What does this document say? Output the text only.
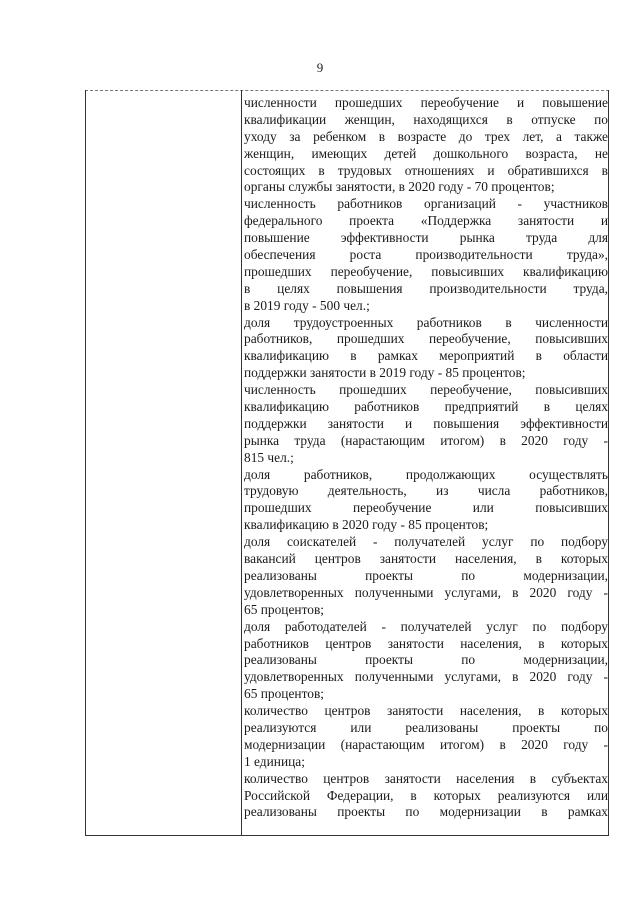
9
численности прошедших переобучение и повышение
квалификации женщин, находящихся в отпуске по
уходу за ребенком в возрасте до трех лет, а также
женщин, имеющих детей дошкольного возраста, не
состоящих в трудовых отношениях и обратившихся в
органы службы занятости, в 2020 году - 70 процентов;
численность работников организаций - участников
федерального проекта «Поддержка занятости и
повышение эффективности рынка труда для
обеспечения роста производительности труда»,
прошедших переобучение, повысивших квалификацию
в целях повышения производительности труда,
в 2019 году - 500 чел.;
доля трудоустроенных работников в численности
работников, прошедших переобучение, повысивших
квалификацию в рамках мероприятий в области
поддержки занятости в 2019 году - 85 процентов;
численность прошедших переобучение, повысивших
квалификацию работников предприятий в целях
поддержки занятости и повышения эффективности
рынка труда (нарастающим итогом) в 2020 году -
815 чел.;
доля работников, продолжающих осуществлять
трудовую деятельность, из числа работников,
прошедших переобучение или повысивших
квалификацию в 2020 году - 85 процентов;
доля соискателей - получателей услуг по подбору
вакансий центров занятости населения, в которых
реализованы проекты по модернизации,
удовлетворенных полученными услугами, в 2020 году -
65 процентов;
доля работодателей - получателей услуг по подбору
работников центров занятости населения, в которых
реализованы проекты по модернизации,
удовлетворенных полученными услугами, в 2020 году -
65 процентов;
количество центров занятости населения, в которых
реализуются или реализованы проекты по
модернизации (нарастающим итогом) в 2020 году -
1 единица;
количество центров занятости населения в субъектах
Российской Федерации, в которых реализуются или
реализованы проекты по модернизации в рамках
